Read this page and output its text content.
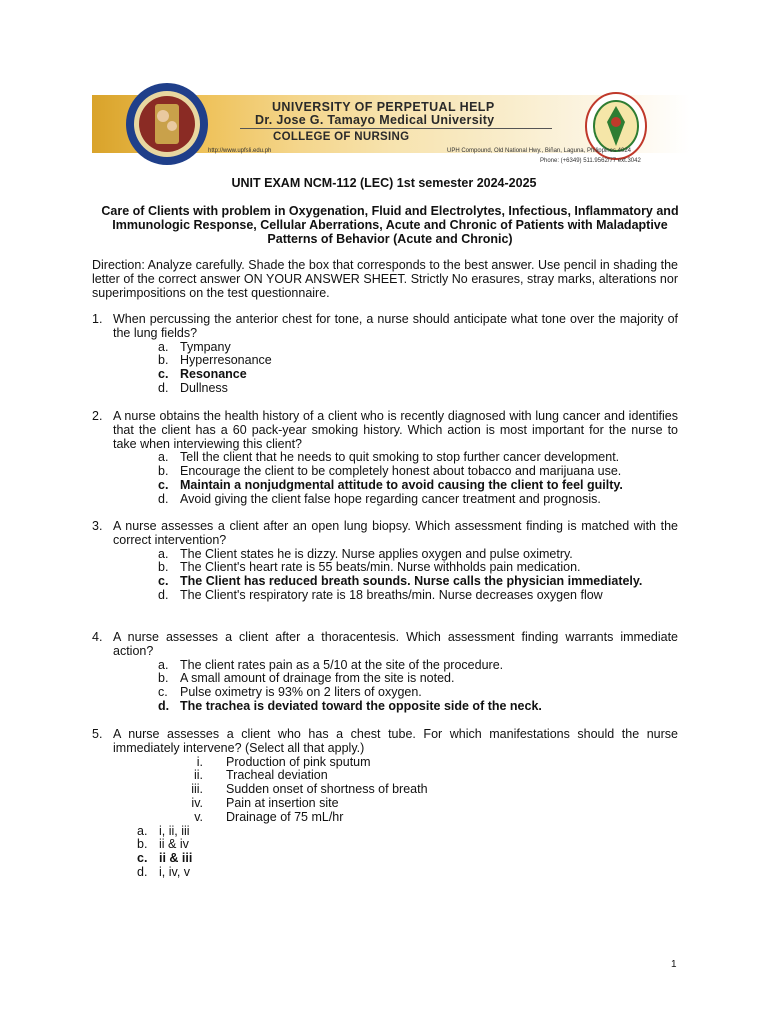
UNIVERSITY OF PERPETUAL HELP
Dr. Jose G. Tamayo Medical University
COLLEGE OF NURSING
http://www.upfsli.edu.ph	UPH Compound, Old National Hwy., Biñan, Laguna, Philippines 4024
Phone: (+6349) 511.9562/77 ext.3042
UNIT EXAM NCM-112 (LEC) 1st semester 2024-2025
Care of Clients with problem in Oxygenation, Fluid and Electrolytes, Infectious, Inflammatory and Immunologic Response, Cellular Aberrations, Acute and Chronic of Patients with Maladaptive Patterns of Behavior (Acute and Chronic)
Direction: Analyze carefully. Shade the box that corresponds to the best answer. Use pencil in shading the letter of the correct answer ON YOUR ANSWER SHEET. Strictly No erasures, stray marks, alterations nor superimpositions on the test questionnaire.
1. When percussing the anterior chest for tone, a nurse should anticipate what tone over the majority of the lung fields?
a. Tympany
b. Hyperresonance
c. Resonance
d. Dullness
2. A nurse obtains the health history of a client who is recently diagnosed with lung cancer and identifies that the client has a 60 pack-year smoking history. Which action is most important for the nurse to take when interviewing this client?
a. Tell the client that he needs to quit smoking to stop further cancer development.
b. Encourage the client to be completely honest about tobacco and marijuana use.
c. Maintain a nonjudgmental attitude to avoid causing the client to feel guilty.
d. Avoid giving the client false hope regarding cancer treatment and prognosis.
3. A nurse assesses a client after an open lung biopsy. Which assessment finding is matched with the correct intervention?
a. The Client states he is dizzy. Nurse applies oxygen and pulse oximetry.
b. The Client's heart rate is 55 beats/min. Nurse withholds pain medication.
c. The Client has reduced breath sounds. Nurse calls the physician immediately.
d. The Client's respiratory rate is 18 breaths/min. Nurse decreases oxygen flow
4. A nurse assesses a client after a thoracentesis. Which assessment finding warrants immediate action?
a. The client rates pain as a 5/10 at the site of the procedure.
b. A small amount of drainage from the site is noted.
c. Pulse oximetry is 93% on 2 liters of oxygen.
d. The trachea is deviated toward the opposite side of the neck.
5. A nurse assesses a client who has a chest tube. For which manifestations should the nurse immediately intervene? (Select all that apply.)
i. Production of pink sputum
ii. Tracheal deviation
iii. Sudden onset of shortness of breath
iv. Pain at insertion site
v. Drainage of 75 mL/hr
a. i, ii, iii
b. ii & iv
c. ii & iii
d. i, iv, v
1
